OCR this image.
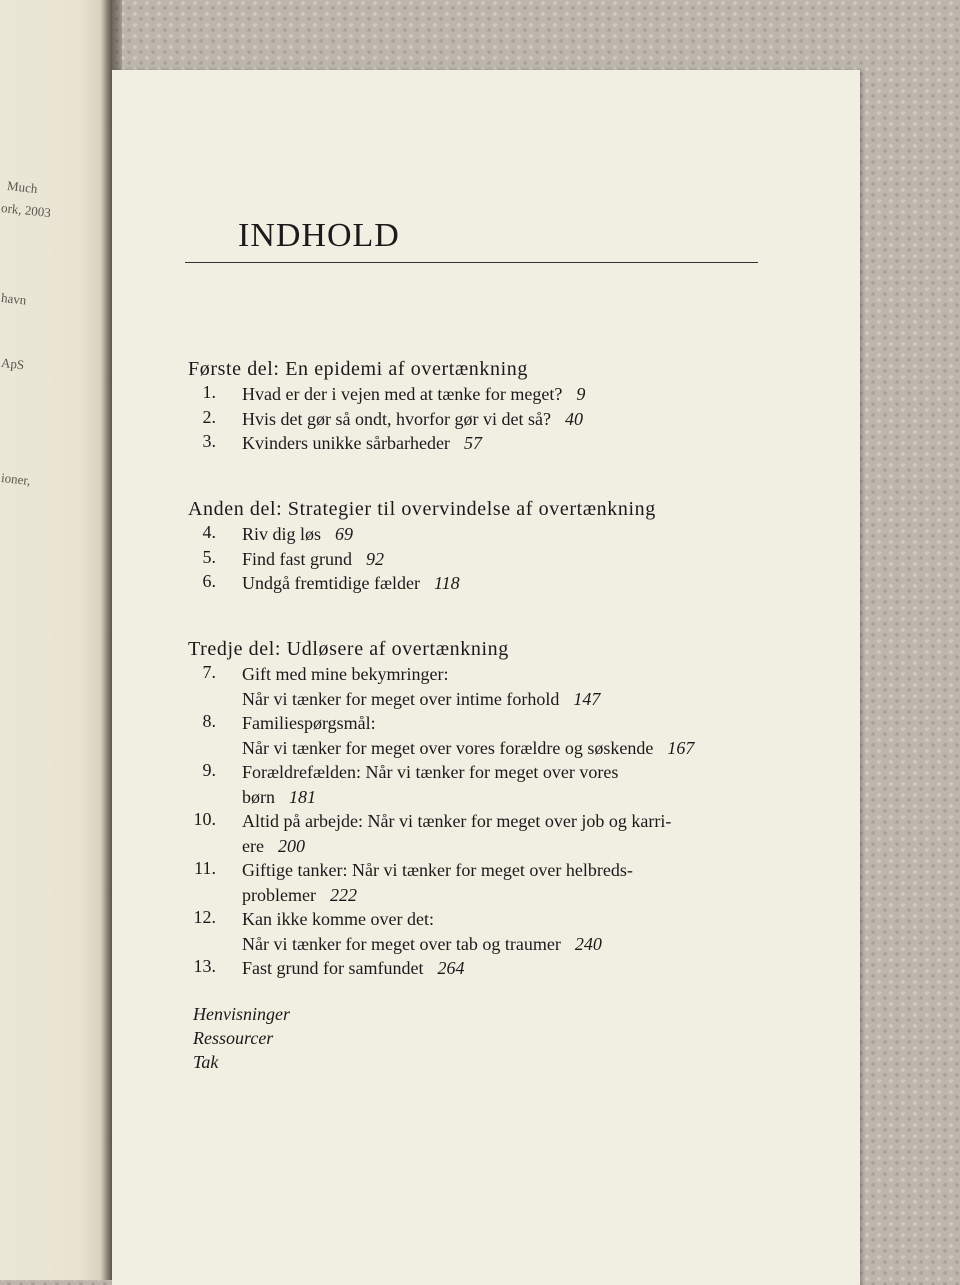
Much
ork, 2003
havn
ApS
ioner,
INDHOLD
Første del: En epidemi af overtænkning
1. Hvad er der i vejen med at tænke for meget? 9
2. Hvis det gør så ondt, hvorfor gør vi det så? 40
3. Kvinders unikke sårbarheder 57
Anden del: Strategier til overvindelse af overtænkning
4. Riv dig løs 69
5. Find fast grund 92
6. Undgå fremtidige fælder 118
Tredje del: Udløsere af overtænkning
7. Gift med mine bekymringer:
Når vi tænker for meget over intime forhold 147
8. Familiespørgsmål:
Når vi tænker for meget over vores forældre og søskende 167
9. Forældrefælden: Når vi tænker for meget over vores
børn 181
10. Altid på arbejde: Når vi tænker for meget over job og karri-
ere 200
11. Giftige tanker: Når vi tænker for meget over helbreds-
problemer 222
12. Kan ikke komme over det:
Når vi tænker for meget over tab og traumer 240
13. Fast grund for samfundet 264
Henvisninger
Ressourcer
Tak
